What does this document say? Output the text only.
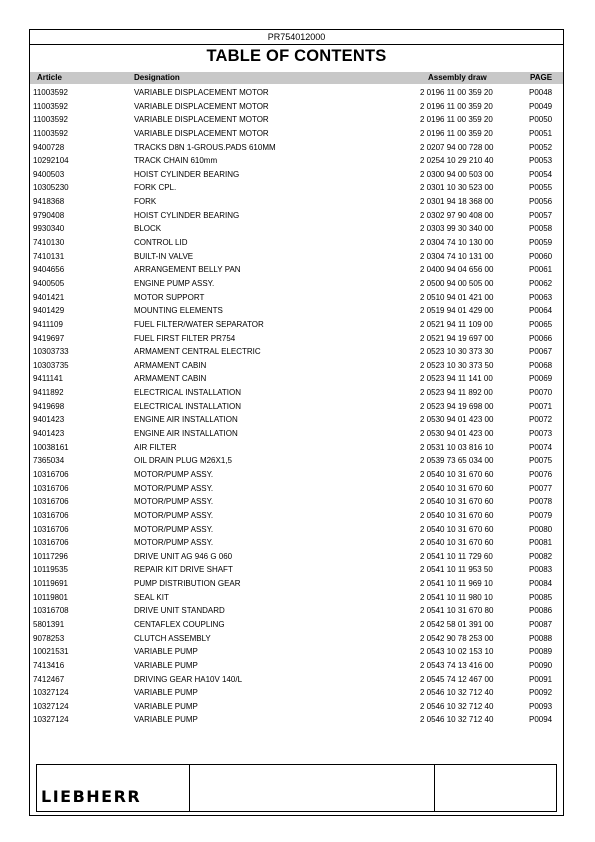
PR754012000
TABLE OF CONTENTS
Article	Designation	Assembly draw	PAGE
11003592	VARIABLE DISPLACEMENT MOTOR	2 0196 11 00 359 20	P0048
11003592	VARIABLE DISPLACEMENT MOTOR	2 0196 11 00 359 20	P0049
11003592	VARIABLE DISPLACEMENT MOTOR	2 0196 11 00 359 20	P0050
11003592	VARIABLE DISPLACEMENT MOTOR	2 0196 11 00 359 20	P0051
9400728	TRACKS D8N 1-GROUS.PADS 610MM	2 0207 94 00 728 00	P0052
10292104	TRACK CHAIN 610mm	2 0254 10 29 210 40	P0053
9400503	HOIST CYLINDER BEARING	2 0300 94 00 503 00	P0054
10305230	FORK CPL.	2 0301 10 30 523 00	P0055
9418368	FORK	2 0301 94 18 368 00	P0056
9790408	HOIST CYLINDER BEARING	2 0302 97 90 408 00	P0057
9930340	BLOCK	2 0303 99 30 340 00	P0058
7410130	CONTROL LID	2 0304 74 10 130 00	P0059
7410131	BUILT-IN VALVE	2 0304 74 10 131 00	P0060
9404656	ARRANGEMENT BELLY PAN	2 0400 94 04 656 00	P0061
9400505	ENGINE PUMP ASSY.	2 0500 94 00 505 00	P0062
9401421	MOTOR SUPPORT	2 0510 94 01 421 00	P0063
9401429	MOUNTING ELEMENTS	2 0519 94 01 429 00	P0064
9411109	FUEL FILTER/WATER SEPARATOR	2 0521 94 11 109 00	P0065
9419697	FUEL FIRST FILTER PR754	2 0521 94 19 697 00	P0066
10303733	ARMAMENT CENTRAL ELECTRIC	2 0523 10 30 373 30	P0067
10303735	ARMAMENT CABIN	2 0523 10 30 373 50	P0068
9411141	ARMAMENT CABIN	2 0523 94 11 141 00	P0069
9411892	ELECTRICAL INSTALLATION	2 0523 94 11 892 00	P0070
9419698	ELECTRICAL INSTALLATION	2 0523 94 19 698 00	P0071
9401423	ENGINE AIR INSTALLATION	2 0530 94 01 423 00	P0072
9401423	ENGINE AIR INSTALLATION	2 0530 94 01 423 00	P0073
10038161	AIR FILTER	2 0531 10 03 816 10	P0074
7365034	OIL DRAIN PLUG M26X1,5	2 0539 73 65 034 00	P0075
10316706	MOTOR/PUMP ASSY.	2 0540 10 31 670 60	P0076
10316706	MOTOR/PUMP ASSY.	2 0540 10 31 670 60	P0077
10316706	MOTOR/PUMP ASSY.	2 0540 10 31 670 60	P0078
10316706	MOTOR/PUMP ASSY.	2 0540 10 31 670 60	P0079
10316706	MOTOR/PUMP ASSY.	2 0540 10 31 670 60	P0080
10316706	MOTOR/PUMP ASSY.	2 0540 10 31 670 60	P0081
10117296	DRIVE UNIT AG 946 G 060	2 0541 10 11 729 60	P0082
10119535	REPAIR KIT DRIVE SHAFT	2 0541 10 11 953 50	P0083
10119691	PUMP DISTRIBUTION GEAR	2 0541 10 11 969 10	P0084
10119801	SEAL KIT	2 0541 10 11 980 10	P0085
10316708	DRIVE UNIT STANDARD	2 0541 10 31 670 80	P0086
5801391	CENTAFLEX COUPLING	2 0542 58 01 391 00	P0087
9078253	CLUTCH ASSEMBLY	2 0542 90 78 253 00	P0088
10021531	VARIABLE PUMP	2 0543 10 02 153 10	P0089
7413416	VARIABLE PUMP	2 0543 74 13 416 00	P0090
7412467	DRIVING GEAR HA10V 140/L	2 0545 74 12 467 00	P0091
10327124	VARIABLE PUMP	2 0546 10 32 712 40	P0092
10327124	VARIABLE PUMP	2 0546 10 32 712 40	P0093
10327124	VARIABLE PUMP	2 0546 10 32 712 40	P0094
LIEBHERR
